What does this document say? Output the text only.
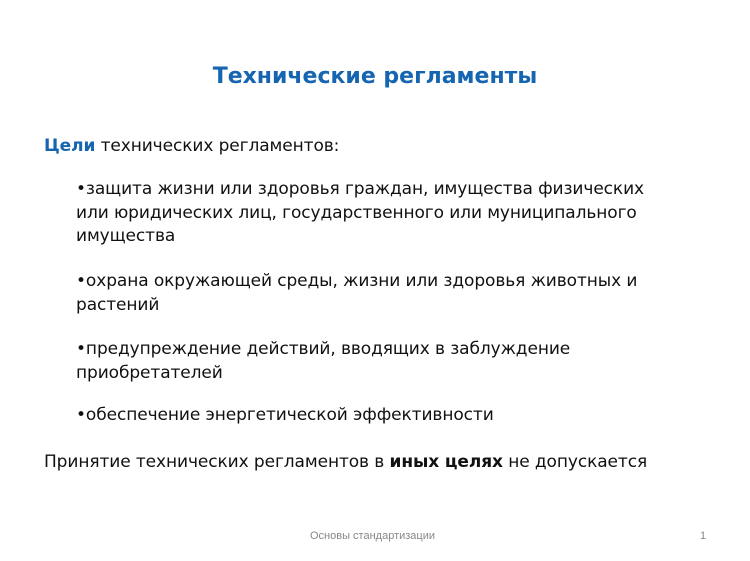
Технические регламенты
Цели технических регламентов:
•защита жизни или здоровья граждан, имущества физических
или юридических лиц, государственного или муниципального
имущества
•охрана окружающей среды, жизни или здоровья животных и
растений
•предупреждение действий, вводящих в заблуждение
приобретателей
•обеспечение энергетической эффективности
Принятие технических регламентов в иных целях не допускается
Основы стандартизации	1
